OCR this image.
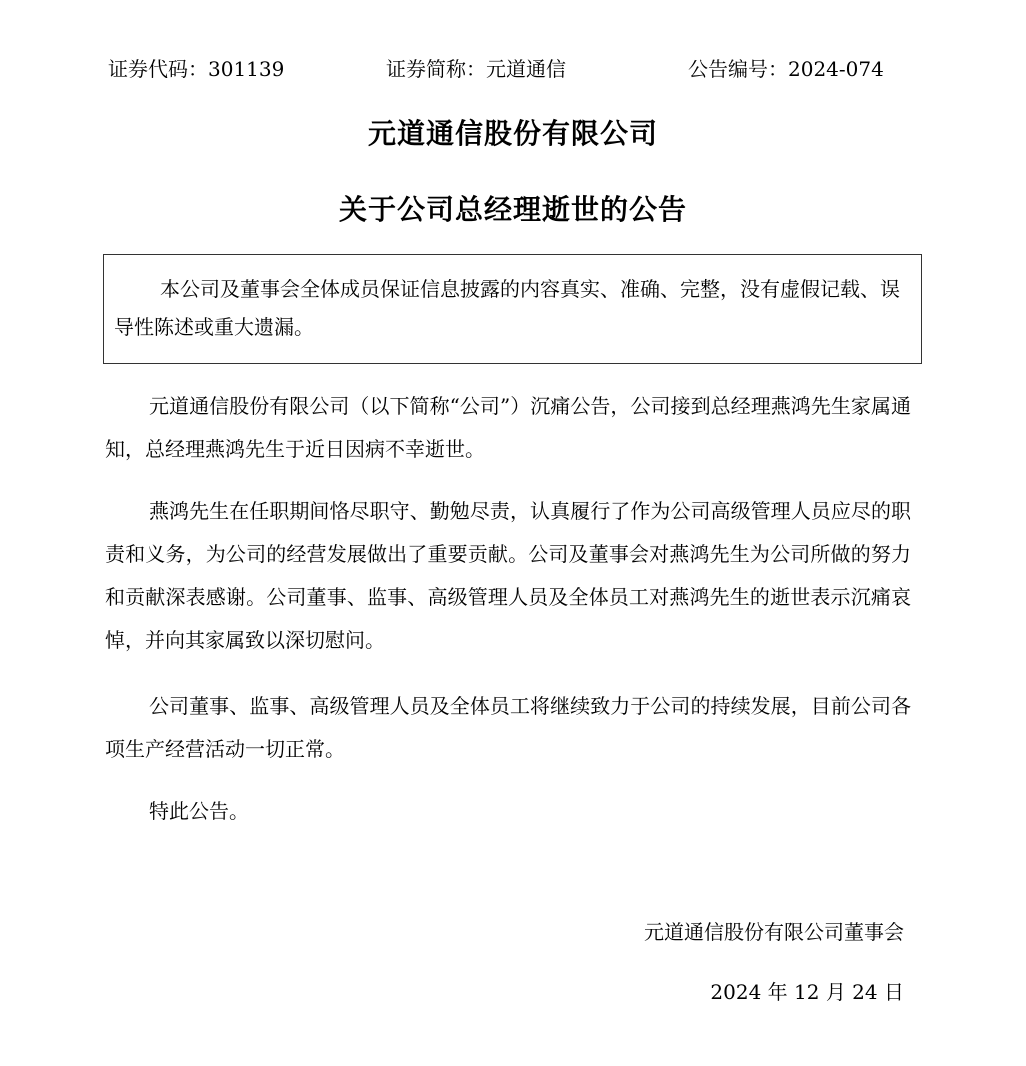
证券代码：301139	证券简称：元道通信	公告编号：2024-074
元道通信股份有限公司
关于公司总经理逝世的公告
本公司及董事会全体成员保证信息披露的内容真实、准确、完整，没有虚假记载、误导性陈述或重大遗漏。

元道通信股份有限公司（以下简称“公司”）沉痛公告，公司接到总经理燕鸿先生家属通知，总经理燕鸿先生于近日因病不幸逝世。

燕鸿先生在任职期间恪尽职守、勤勉尽责，认真履行了作为公司高级管理人员应尽的职责和义务，为公司的经营发展做出了重要贡献。公司及董事会对燕鸿先生为公司所做的努力和贡献深表感谢。公司董事、监事、高级管理人员及全体员工对燕鸿先生的逝世表示沉痛哀悼，并向其家属致以深切慰问。

公司董事、监事、高级管理人员及全体员工将继续致力于公司的持续发展，目前公司各项生产经营活动一切正常。

特此公告。

元道通信股份有限公司董事会
2024 年 12 月 24 日
